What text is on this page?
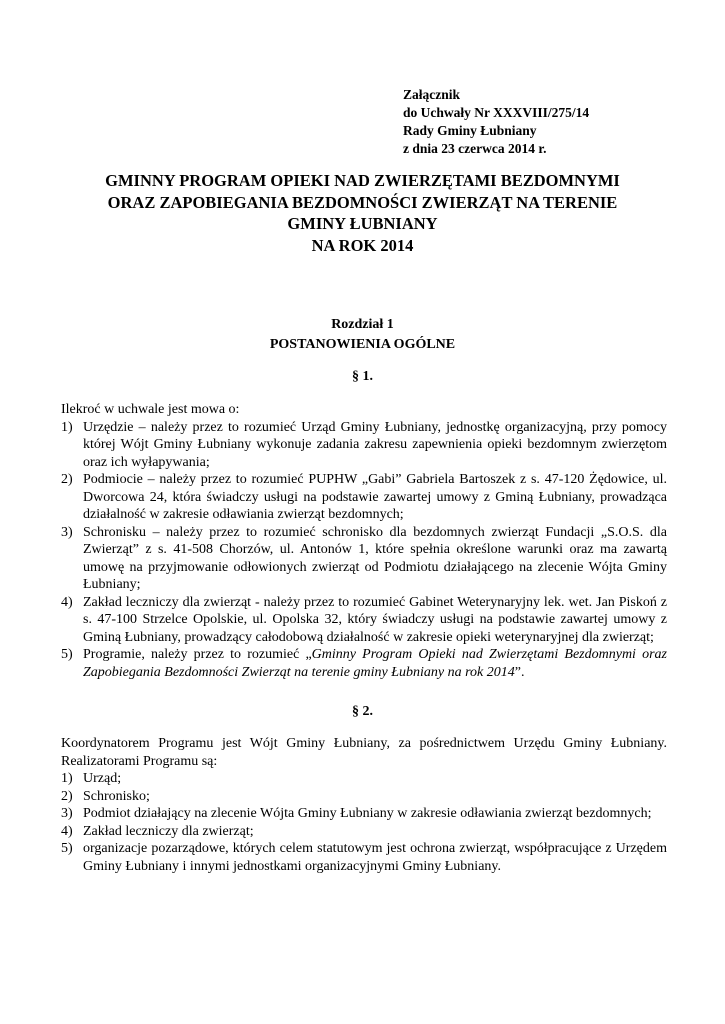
Załącznik
do Uchwały Nr XXXVIII/275/14
Rady Gminy Łubniany
z dnia 23 czerwca 2014 r.
GMINNY PROGRAM OPIEKI NAD ZWIERZĘTAMI BEZDOMNYMI
ORAZ ZAPOBIEGANIA BEZDOMNOŚCI ZWIERZĄT NA TERENIE
GMINY ŁUBNIANY
NA ROK 2014
Rozdział 1
POSTANOWIENIA OGÓLNE
§ 1.
Ilekroć w uchwale jest mowa o:
1) Urzędzie – należy przez to rozumieć Urząd Gminy Łubniany, jednostkę organizacyjną, przy pomocy której Wójt Gminy Łubniany wykonuje zadania zakresu zapewnienia opieki bezdomnym zwierzętom oraz ich wyłapywania;
2) Podmiocie – należy przez to rozumieć PUPHW „Gabi” Gabriela Bartoszek z s. 47-120 Żędowice, ul. Dworcowa 24, która świadczy usługi na podstawie zawartej umowy z Gminą Łubniany, prowadząca działalność w zakresie odławiania zwierząt bezdomnych;
3) Schronisku – należy przez to rozumieć schronisko dla bezdomnych zwierząt Fundacji „S.O.S. dla Zwierząt” z s. 41-508 Chorzów, ul. Antonów 1, które spełnia określone warunki oraz ma zawartą umowę na przyjmowanie odłowionych zwierząt od Podmiotu działającego na zlecenie Wójta Gminy Łubniany;
4) Zakład leczniczy dla zwierząt - należy przez to rozumieć Gabinet Weterynaryjny lek. wet. Jan Piskoń z s. 47-100 Strzelce Opolskie, ul. Opolska 32, który świadczy usługi na podstawie zawartej umowy z Gminą Łubniany, prowadzący całodobową działalność w zakresie opieki weterynaryjnej dla zwierząt;
5) Programie, należy przez to rozumieć „Gminny Program Opieki nad Zwierzętami Bezdomnymi oraz Zapobiegania Bezdomności Zwierząt na terenie gminy Łubniany na rok 2014”.
§ 2.
Koordynatorem Programu jest Wójt Gminy Łubniany, za pośrednictwem Urzędu Gminy Łubniany. Realizatorami Programu są:
1) Urząd;
2) Schronisko;
3) Podmiot działający na zlecenie Wójta Gminy Łubniany w zakresie odławiania zwierząt bezdomnych;
4) Zakład leczniczy dla zwierząt;
5) organizacje pozarządowe, których celem statutowym jest ochrona zwierząt, współpracujące z Urzędem Gminy Łubniany i innymi jednostkami organizacyjnymi Gminy Łubniany.
